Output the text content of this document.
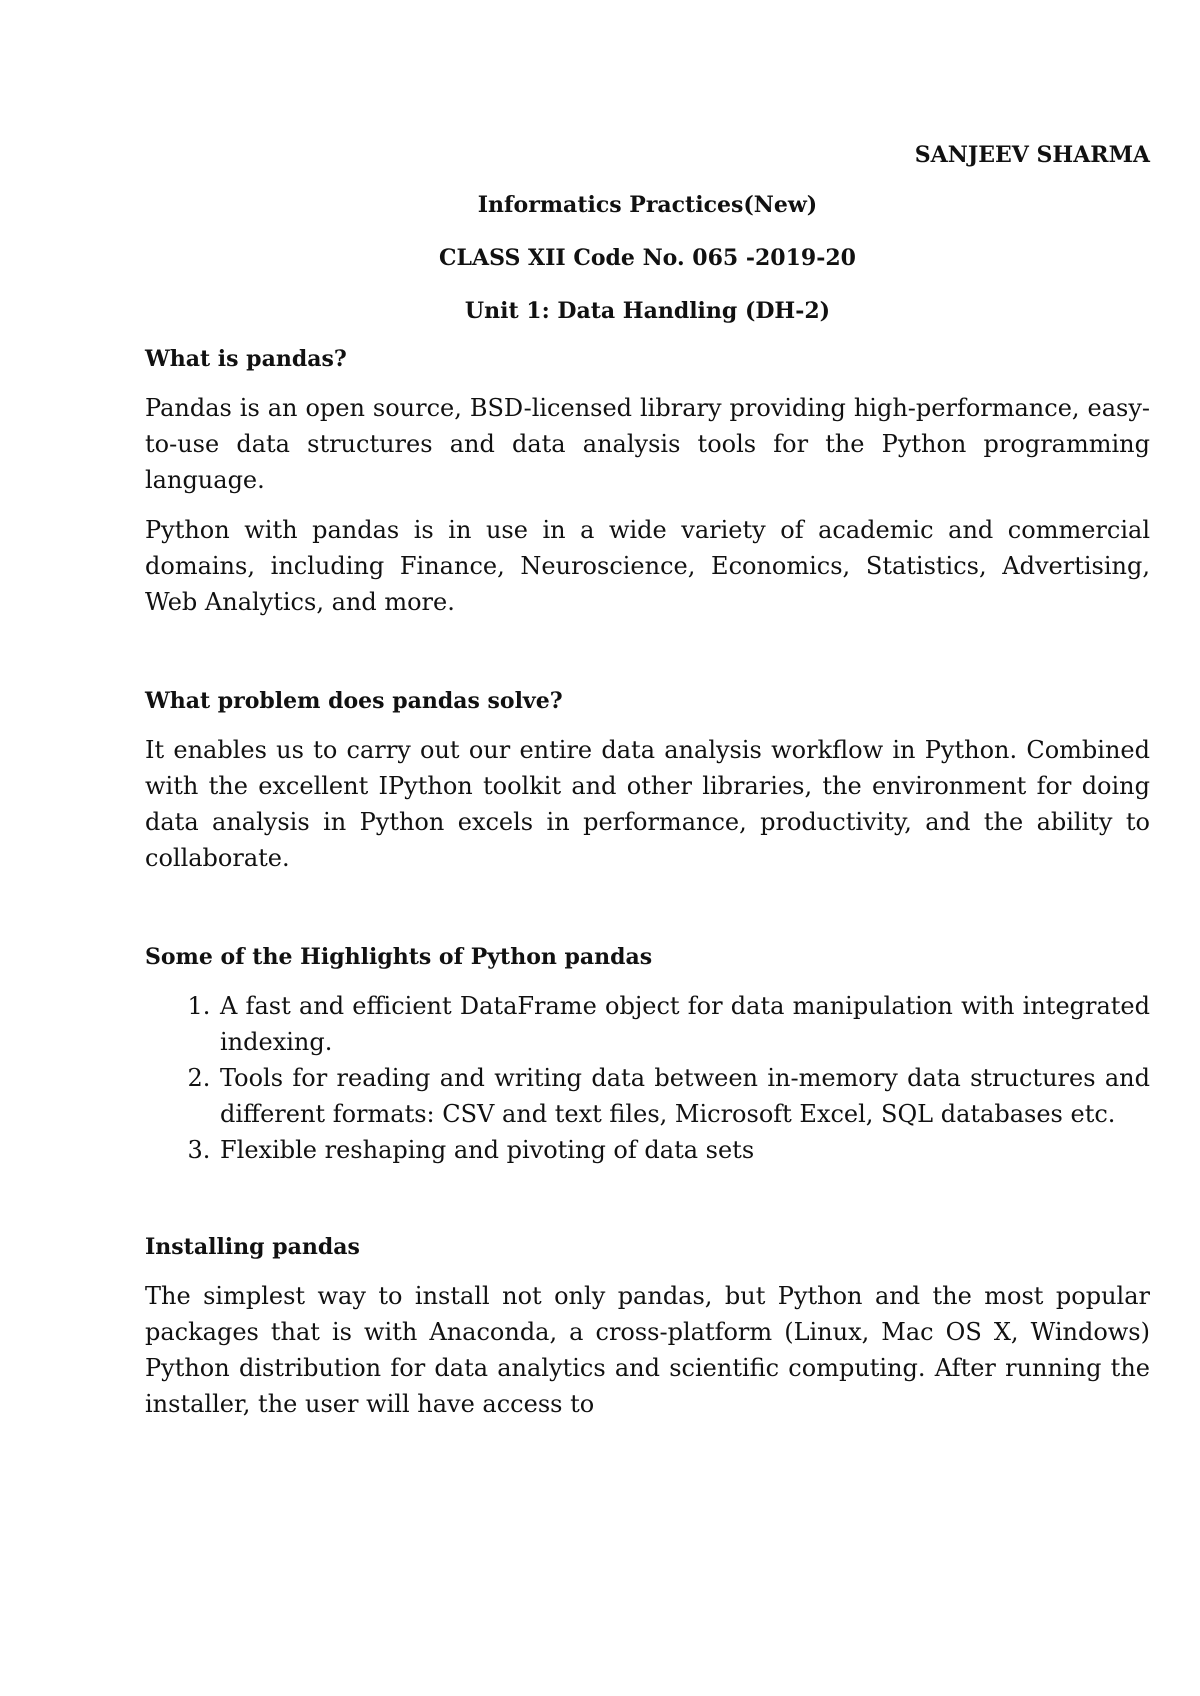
SANJEEV SHARMA
Informatics Practices(New)
CLASS XII Code No. 065 -2019-20
Unit 1: Data Handling (DH-2)
What is pandas?

Pandas is an open source, BSD-licensed library providing high-performance, easy-to-use data structures and data analysis tools for the Python programming language.

Python with pandas is in use in a wide variety of academic and commercial domains, including Finance, Neuroscience, Economics, Statistics, Advertising, Web Analytics, and more.

What problem does pandas solve?

It enables us to carry out our entire data analysis workflow in Python. Combined with the excellent IPython toolkit and other libraries, the environment for doing data analysis in Python excels in performance, productivity, and the ability to collaborate.

Some of the Highlights of Python pandas
1. A fast and efficient DataFrame object for data manipulation with integrated indexing.
2. Tools for reading and writing data between in-memory data structures and different formats: CSV and text files, Microsoft Excel, SQL databases etc.
3. Flexible reshaping and pivoting of data sets
Installing pandas

The simplest way to install not only pandas, but Python and the most popular packages that is with Anaconda, a cross-platform (Linux, Mac OS X, Windows) Python distribution for data analytics and scientific computing. After running the installer, the user will have access to
